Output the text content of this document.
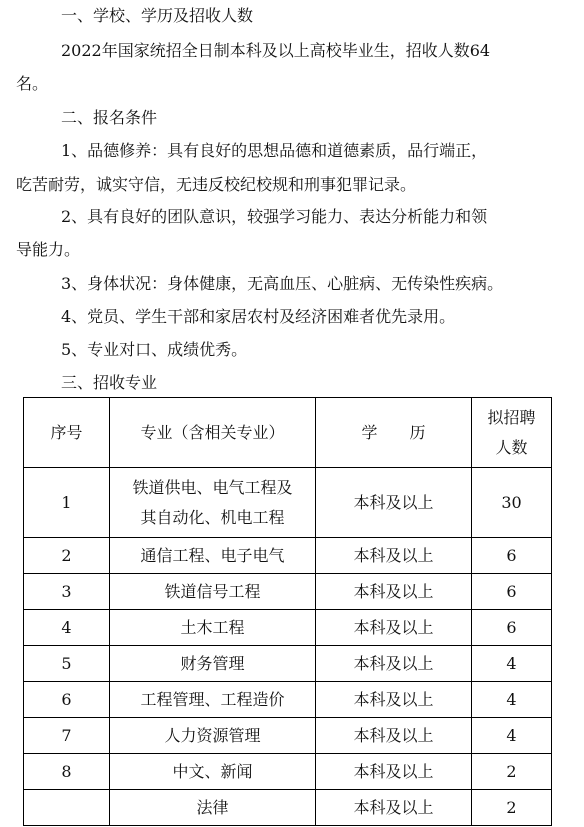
一、学校、学历及招收人数
2022年国家统招全日制本科及以上高校毕业生，招收人数64
名。
二、报名条件
1、品德修养：具有良好的思想品德和道德素质，品行端正，
吃苦耐劳，诚实守信，无违反校纪校规和刑事犯罪记录。
2、具有良好的团队意识，较强学习能力、表达分析能力和领
导能力。
3、身体状况：身体健康，无高血压、心脏病、无传染性疾病。
4、党员、学生干部和家居农村及经济困难者优先录用。
5、专业对口、成绩优秀。
三、招收专业
序号	专业（含相关专业）	学　　历	拟招聘
人数

1	铁道供电、电气工程及
其自动化、机电工程	本科及以上	30
2	通信工程、电子电气	本科及以上	6
3	铁道信号工程	本科及以上	6
4	土木工程	本科及以上	6
5	财务管理	本科及以上	4
6	工程管理、工程造价	本科及以上	4
7	人力资源管理	本科及以上	4
8	中文、新闻	本科及以上	2
	法律	本科及以上	2
